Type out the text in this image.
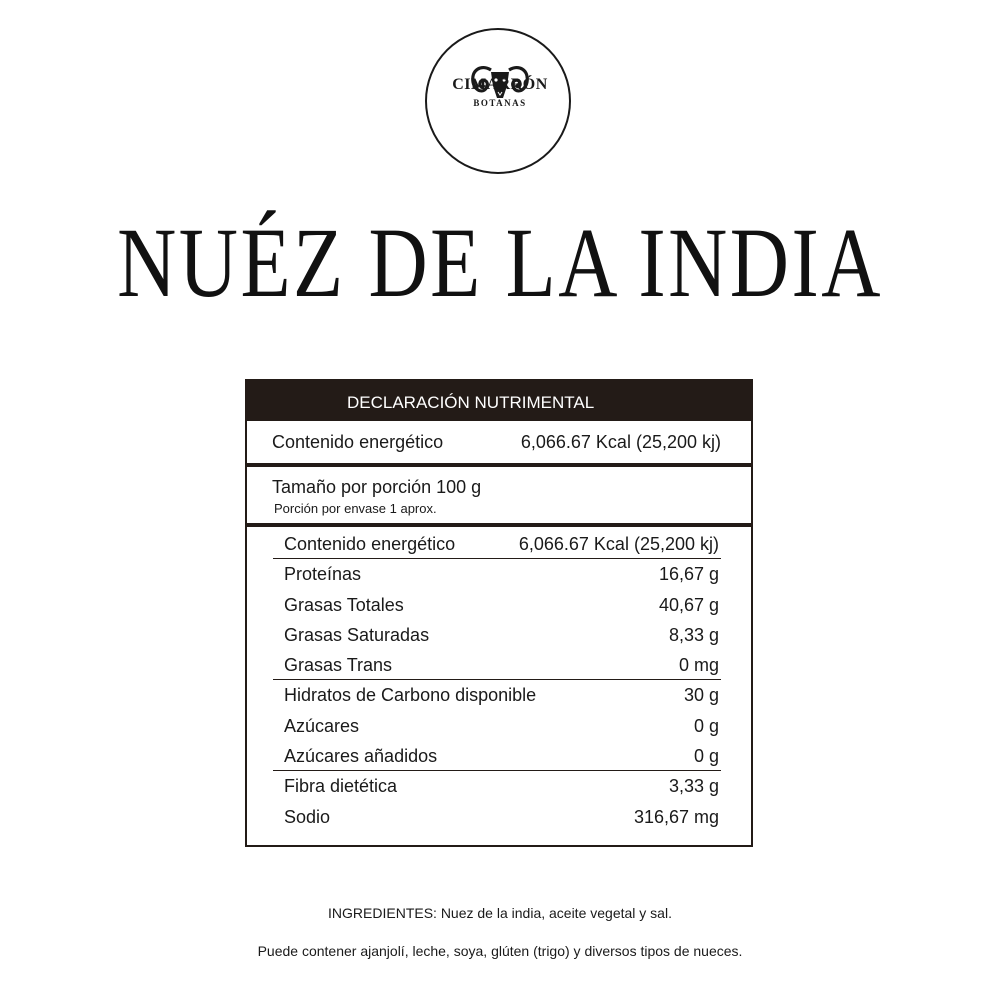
CIMARRÓN
BOTANAS
NUÉZ DE LA INDIA
DECLARACIÓN NUTRIMENTAL
Contenido energético	6,066.67 Kcal (25,200 kj)
Tamaño por porción 100 g
Porción por envase 1 aprox.
Contenido energético	6,066.67 Kcal (25,200 kj)
Proteínas	16,67 g
Grasas Totales	40,67 g
Grasas Saturadas	8,33 g
Grasas Trans	0 mg
Hidratos de Carbono disponible	30 g
Azúcares	0 g
Azúcares añadidos	0 g
Fibra dietética	3,33 g
Sodio	316,67 mg
INGREDIENTES: Nuez de la india, aceite vegetal y sal.
Puede contener ajanjolí, leche, soya, glúten (trigo) y diversos tipos de nueces.
